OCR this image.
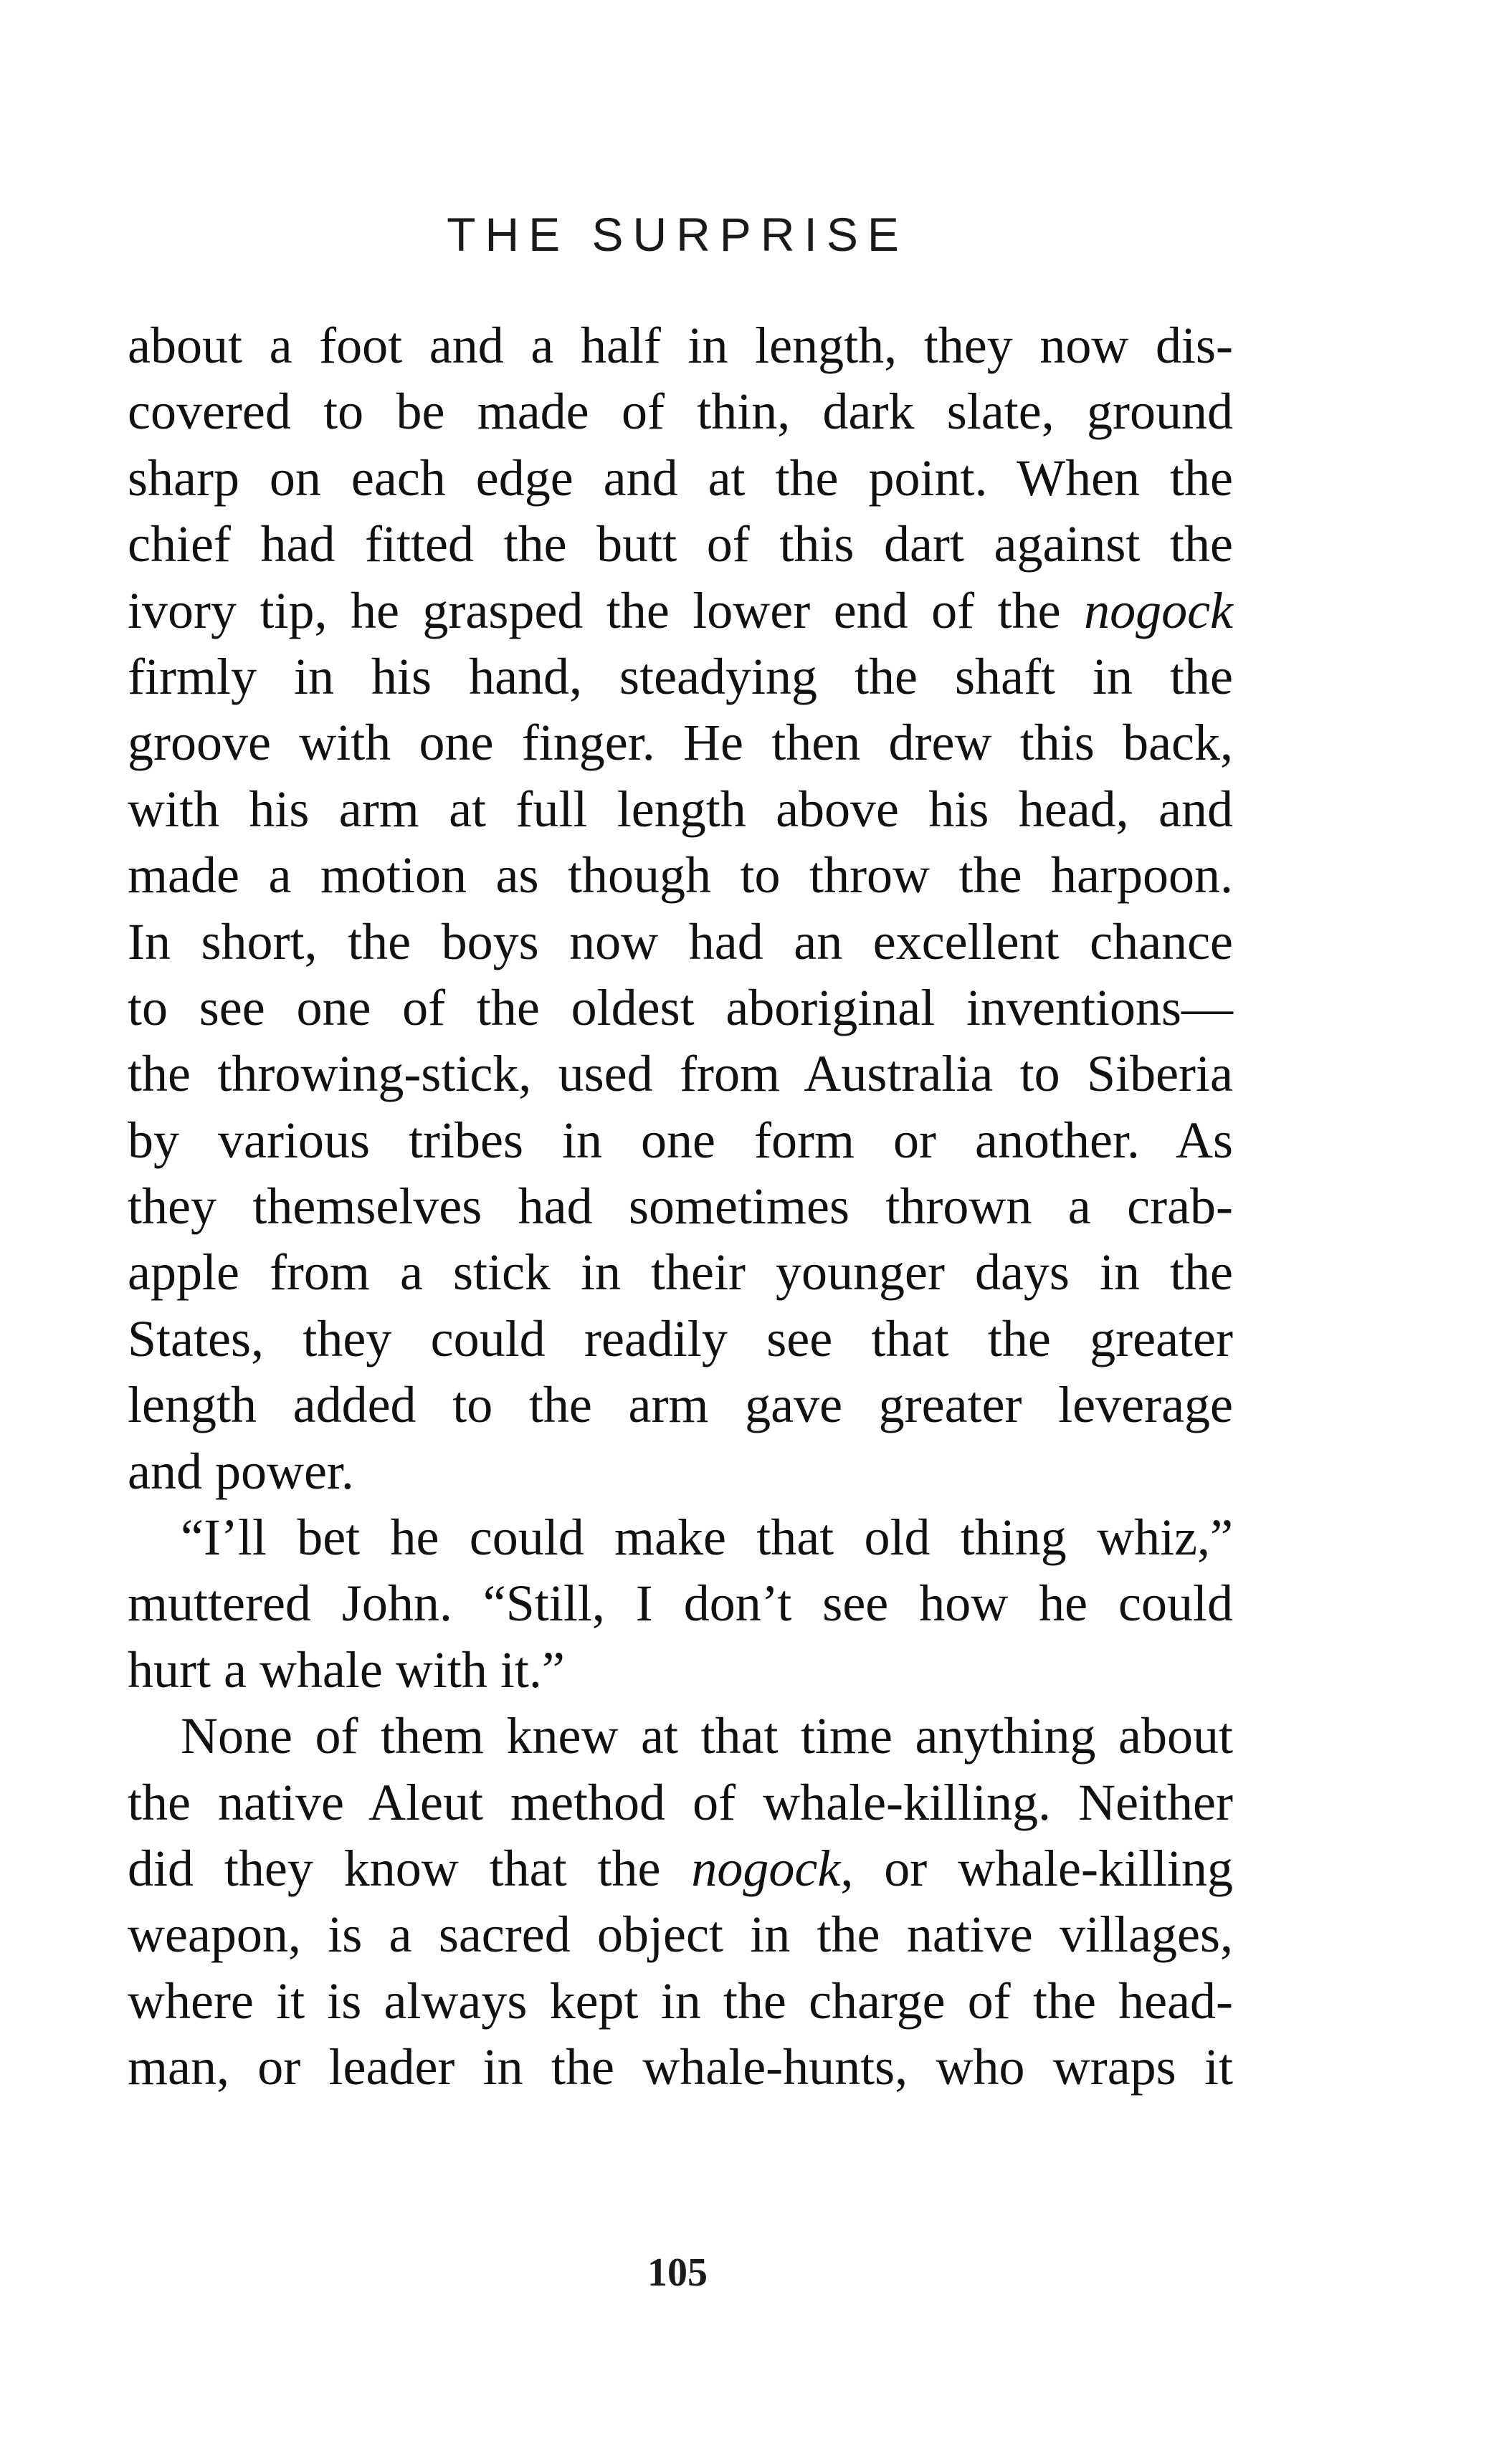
THE SURPRISE
about a foot and a half in length, they now dis-
covered to be made of thin, dark slate, ground
sharp on each edge and at the point. When the
chief had fitted the butt of this dart against the
ivory tip, he grasped the lower end of the nogock
firmly in his hand, steadying the shaft in the
groove with one finger. He then drew this back,
with his arm at full length above his head, and
made a motion as though to throw the harpoon.
In short, the boys now had an excellent chance
to see one of the oldest aboriginal inventions—
the throwing-stick, used from Australia to Siberia
by various tribes in one form or another. As
they themselves had sometimes thrown a crab-
apple from a stick in their younger days in the
States, they could readily see that the greater
length added to the arm gave greater leverage
and power.
“I’ll bet he could make that old thing whiz,”
muttered John. “Still, I don’t see how he could
hurt a whale with it.”
None of them knew at that time anything about
the native Aleut method of whale-killing. Neither
did they know that the nogock, or whale-killing
weapon, is a sacred object in the native villages,
where it is always kept in the charge of the head-
man, or leader in the whale-hunts, who wraps it
105
